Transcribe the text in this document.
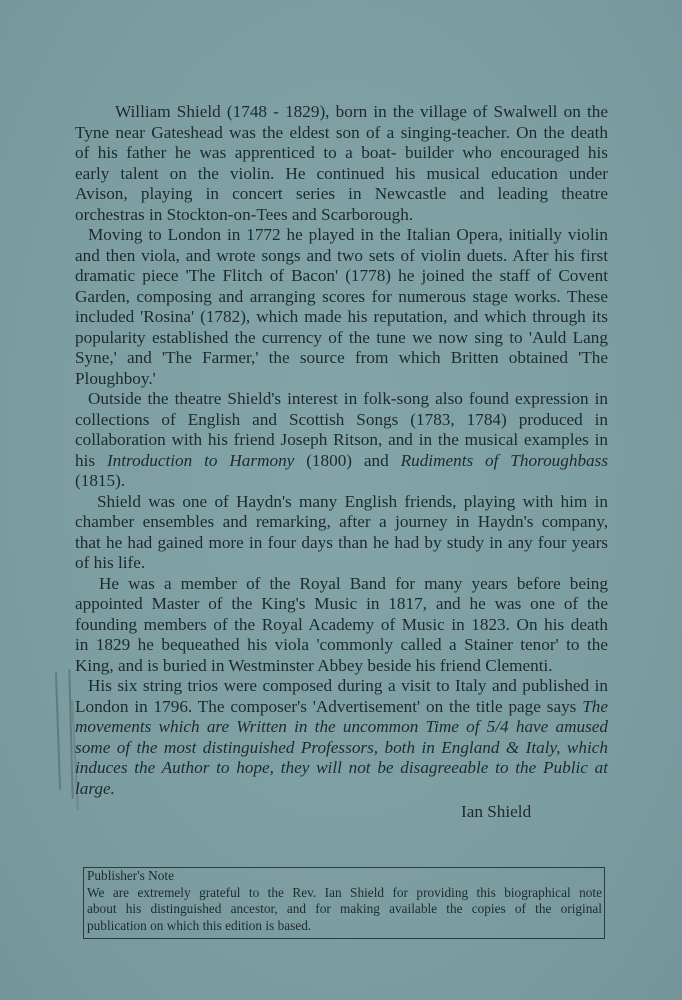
William Shield (1748 - 1829), born in the village of Swalwell on the
Tyne near Gateshead was the eldest son of a singing-teacher. On the death
of his father he was apprenticed to a boat- builder who encouraged his
early talent on the violin. He continued his musical education under
Avison, playing in concert series in Newcastle and leading theatre
orchestras in Stockton-on-Tees and Scarborough.
Moving to London in 1772 he played in the Italian Opera, initially violin
and then viola, and wrote songs and two sets of violin duets. After his first
dramatic piece 'The Flitch of Bacon' (1778) he joined the staff of Covent
Garden, composing and arranging scores for numerous stage works. These
included 'Rosina' (1782), which made his reputation, and which through its
popularity established the currency of the tune we now sing to 'Auld Lang
Syne,' and 'The Farmer,' the source from which Britten obtained 'The
Ploughboy.'
Outside the theatre Shield's interest in folk-song also found expression in
collections of English and Scottish Songs (1783, 1784) produced in
collaboration with his friend Joseph Ritson, and in the musical examples in
his Introduction to Harmony (1800) and Rudiments of Thoroughbass
(1815).
Shield was one of Haydn's many English friends, playing with him in
chamber ensembles and remarking, after a journey in Haydn's company,
that he had gained more in four days than he had by study in any four years
of his life.
He was a member of the Royal Band for many years before being
appointed Master of the King's Music in 1817, and he was one of the
founding members of the Royal Academy of Music in 1823. On his death
in 1829 he bequeathed his viola 'commonly called a Stainer tenor' to the
King, and is buried in Westminster Abbey beside his friend Clementi.
His six string trios were composed during a visit to Italy and published in
London in 1796. The composer's 'Advertisement' on the title page says The
movements which are Written in the uncommon Time of 5/4 have amused
some of the most distinguished Professors, both in England & Italy, which
induces the Author to hope, they will not be disagreeable to the Public at
large.
Ian Shield
Publisher's Note
We are extremely grateful to the Rev. Ian Shield for providing this biographical note
about his distinguished ancestor, and for making available the copies of the original
publication on which this edition is based.
